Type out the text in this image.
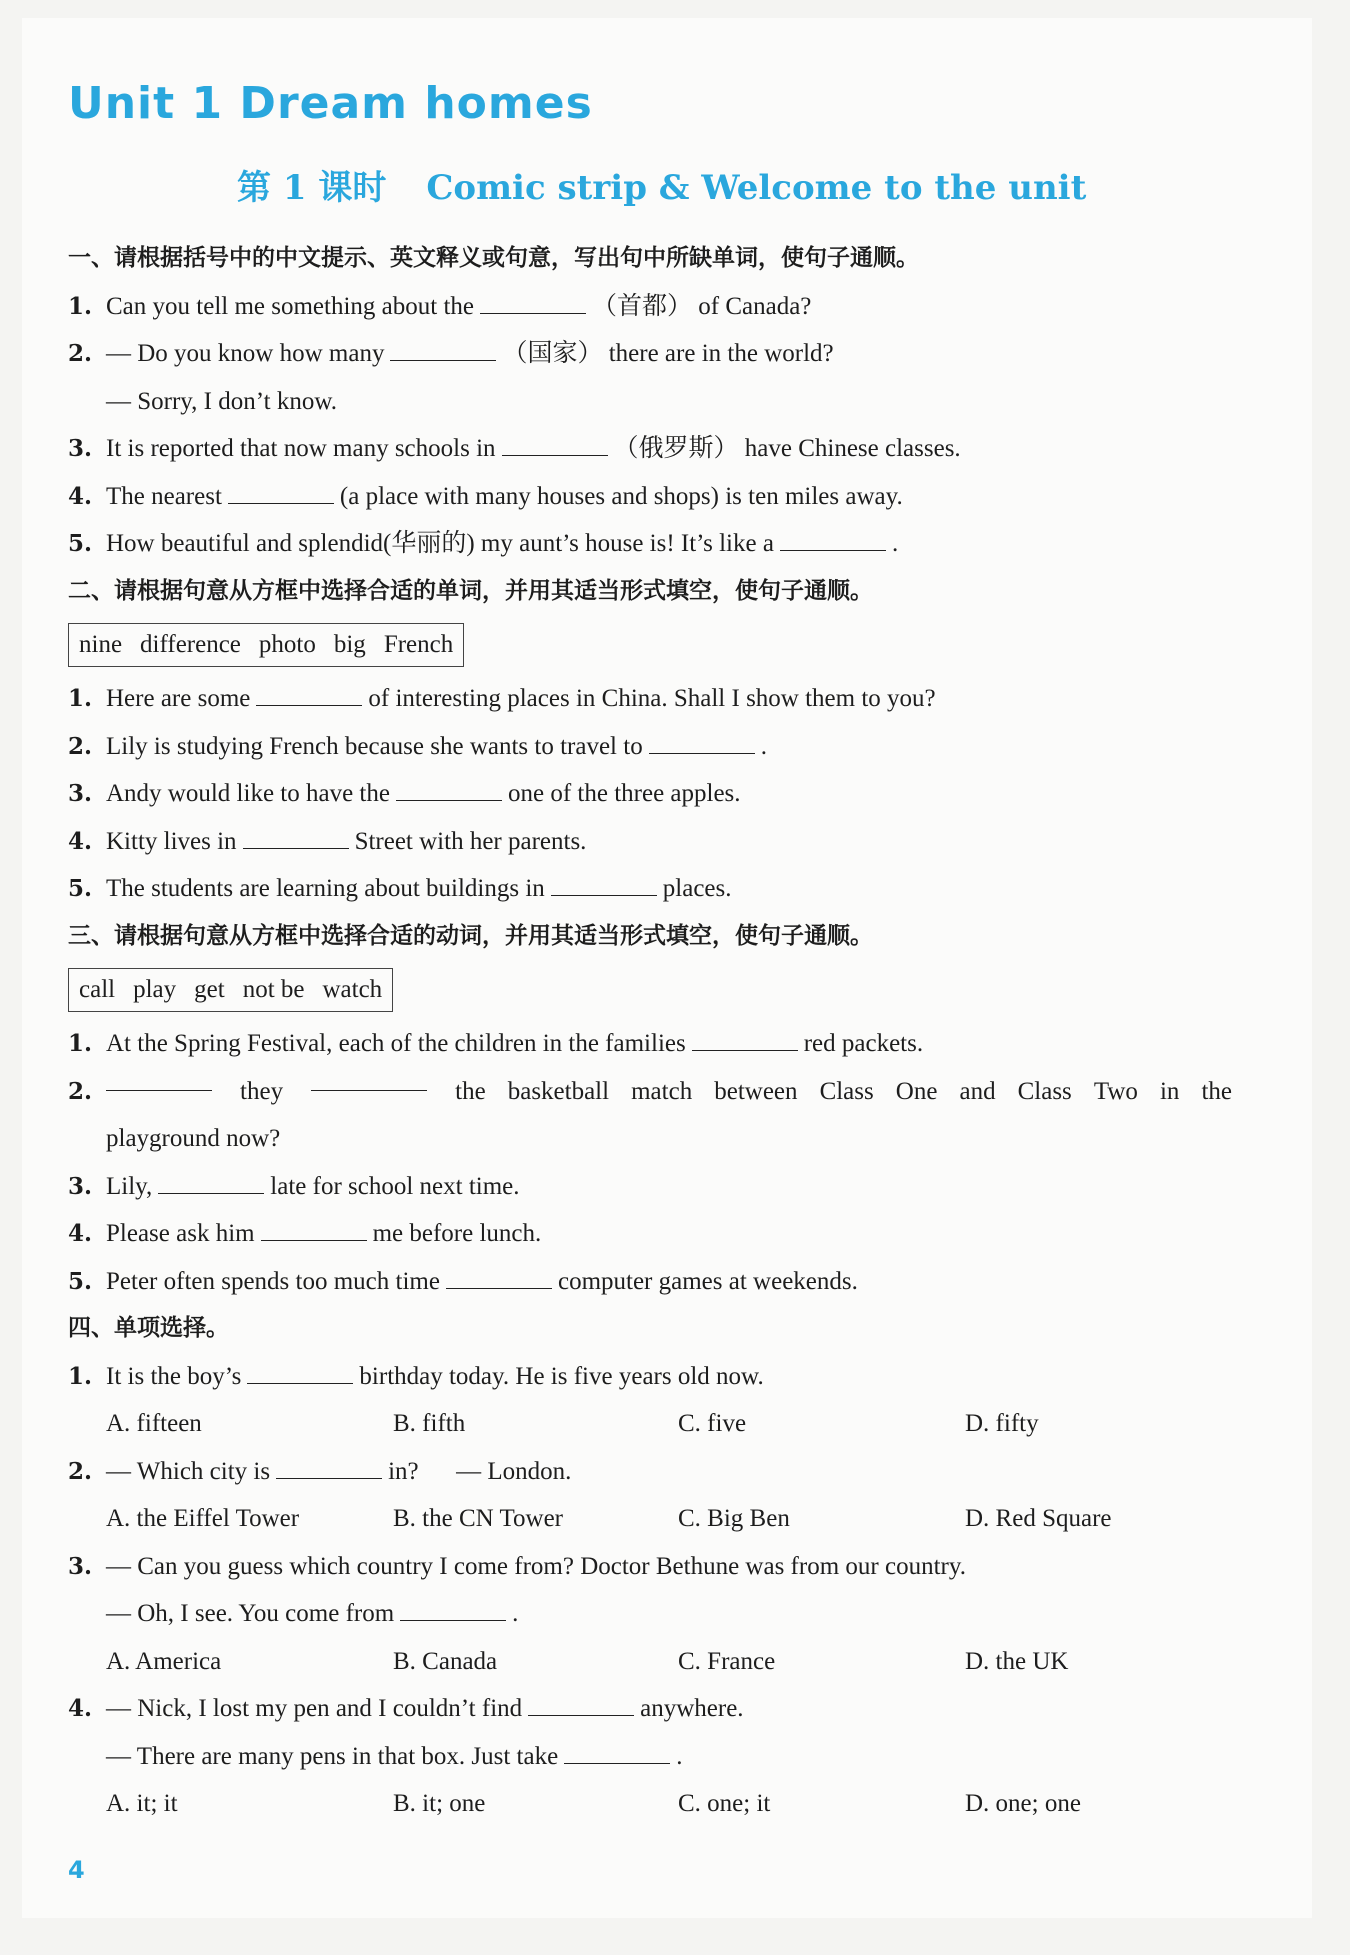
Unit 1 Dream homes
第 1 课时 Comic strip & Welcome to the unit
一、请根据括号中的中文提示、英文释义或句意，写出句中所缺单词，使句子通顺。
1. Can you tell me something about the	（首都） of Canada?
2. — Do you know how many	（国家） there are in the world?
— Sorry, I don’t know.
3. It is reported that now many schools in	（俄罗斯） have Chinese classes.
4. The nearest	(a place with many houses and shops) is ten miles away.
5. How beautiful and splendid(华丽的) my aunt’s house is! It’s like a	.
二、请根据句意从方框中选择合适的单词，并用其适当形式填空，使句子通顺。
nine difference photo big French
1. Here are some	of interesting places in China. Shall I show them to you?
2. Lily is studying French because she wants to travel to	.
3. Andy would like to have the	one of the three apples.
4. Kitty lives in	Street with her parents.
5. The students are learning about buildings in	places.
三、请根据句意从方框中选择合适的动词，并用其适当形式填空，使句子通顺。
call play get not be watch
1. At the Spring Festival, each of the children in the families	red packets.
2.	they	the basketball match between Class One and Class Two in the
playground now?
3. Lily,	late for school next time.
4. Please ask him	me before lunch.
5. Peter often spends too much time	computer games at weekends.
四、单项选择。
1. It is the boy’s	birthday today. He is five years old now.
A. fifteen	B. fifth	C. five	D. fifty
2. — Which city is	in?      — London.
A. the Eiffel Tower	B. the CN Tower	C. Big Ben	D. Red Square
3. — Can you guess which country I come from? Doctor Bethune was from our country.
— Oh, I see. You come from	.
A. America	B. Canada	C. France	D. the UK
4. — Nick, I lost my pen and I couldn’t find	anywhere.
— There are many pens in that box. Just take	.
A. it; it	B. it; one	C. one; it	D. one; one
4
